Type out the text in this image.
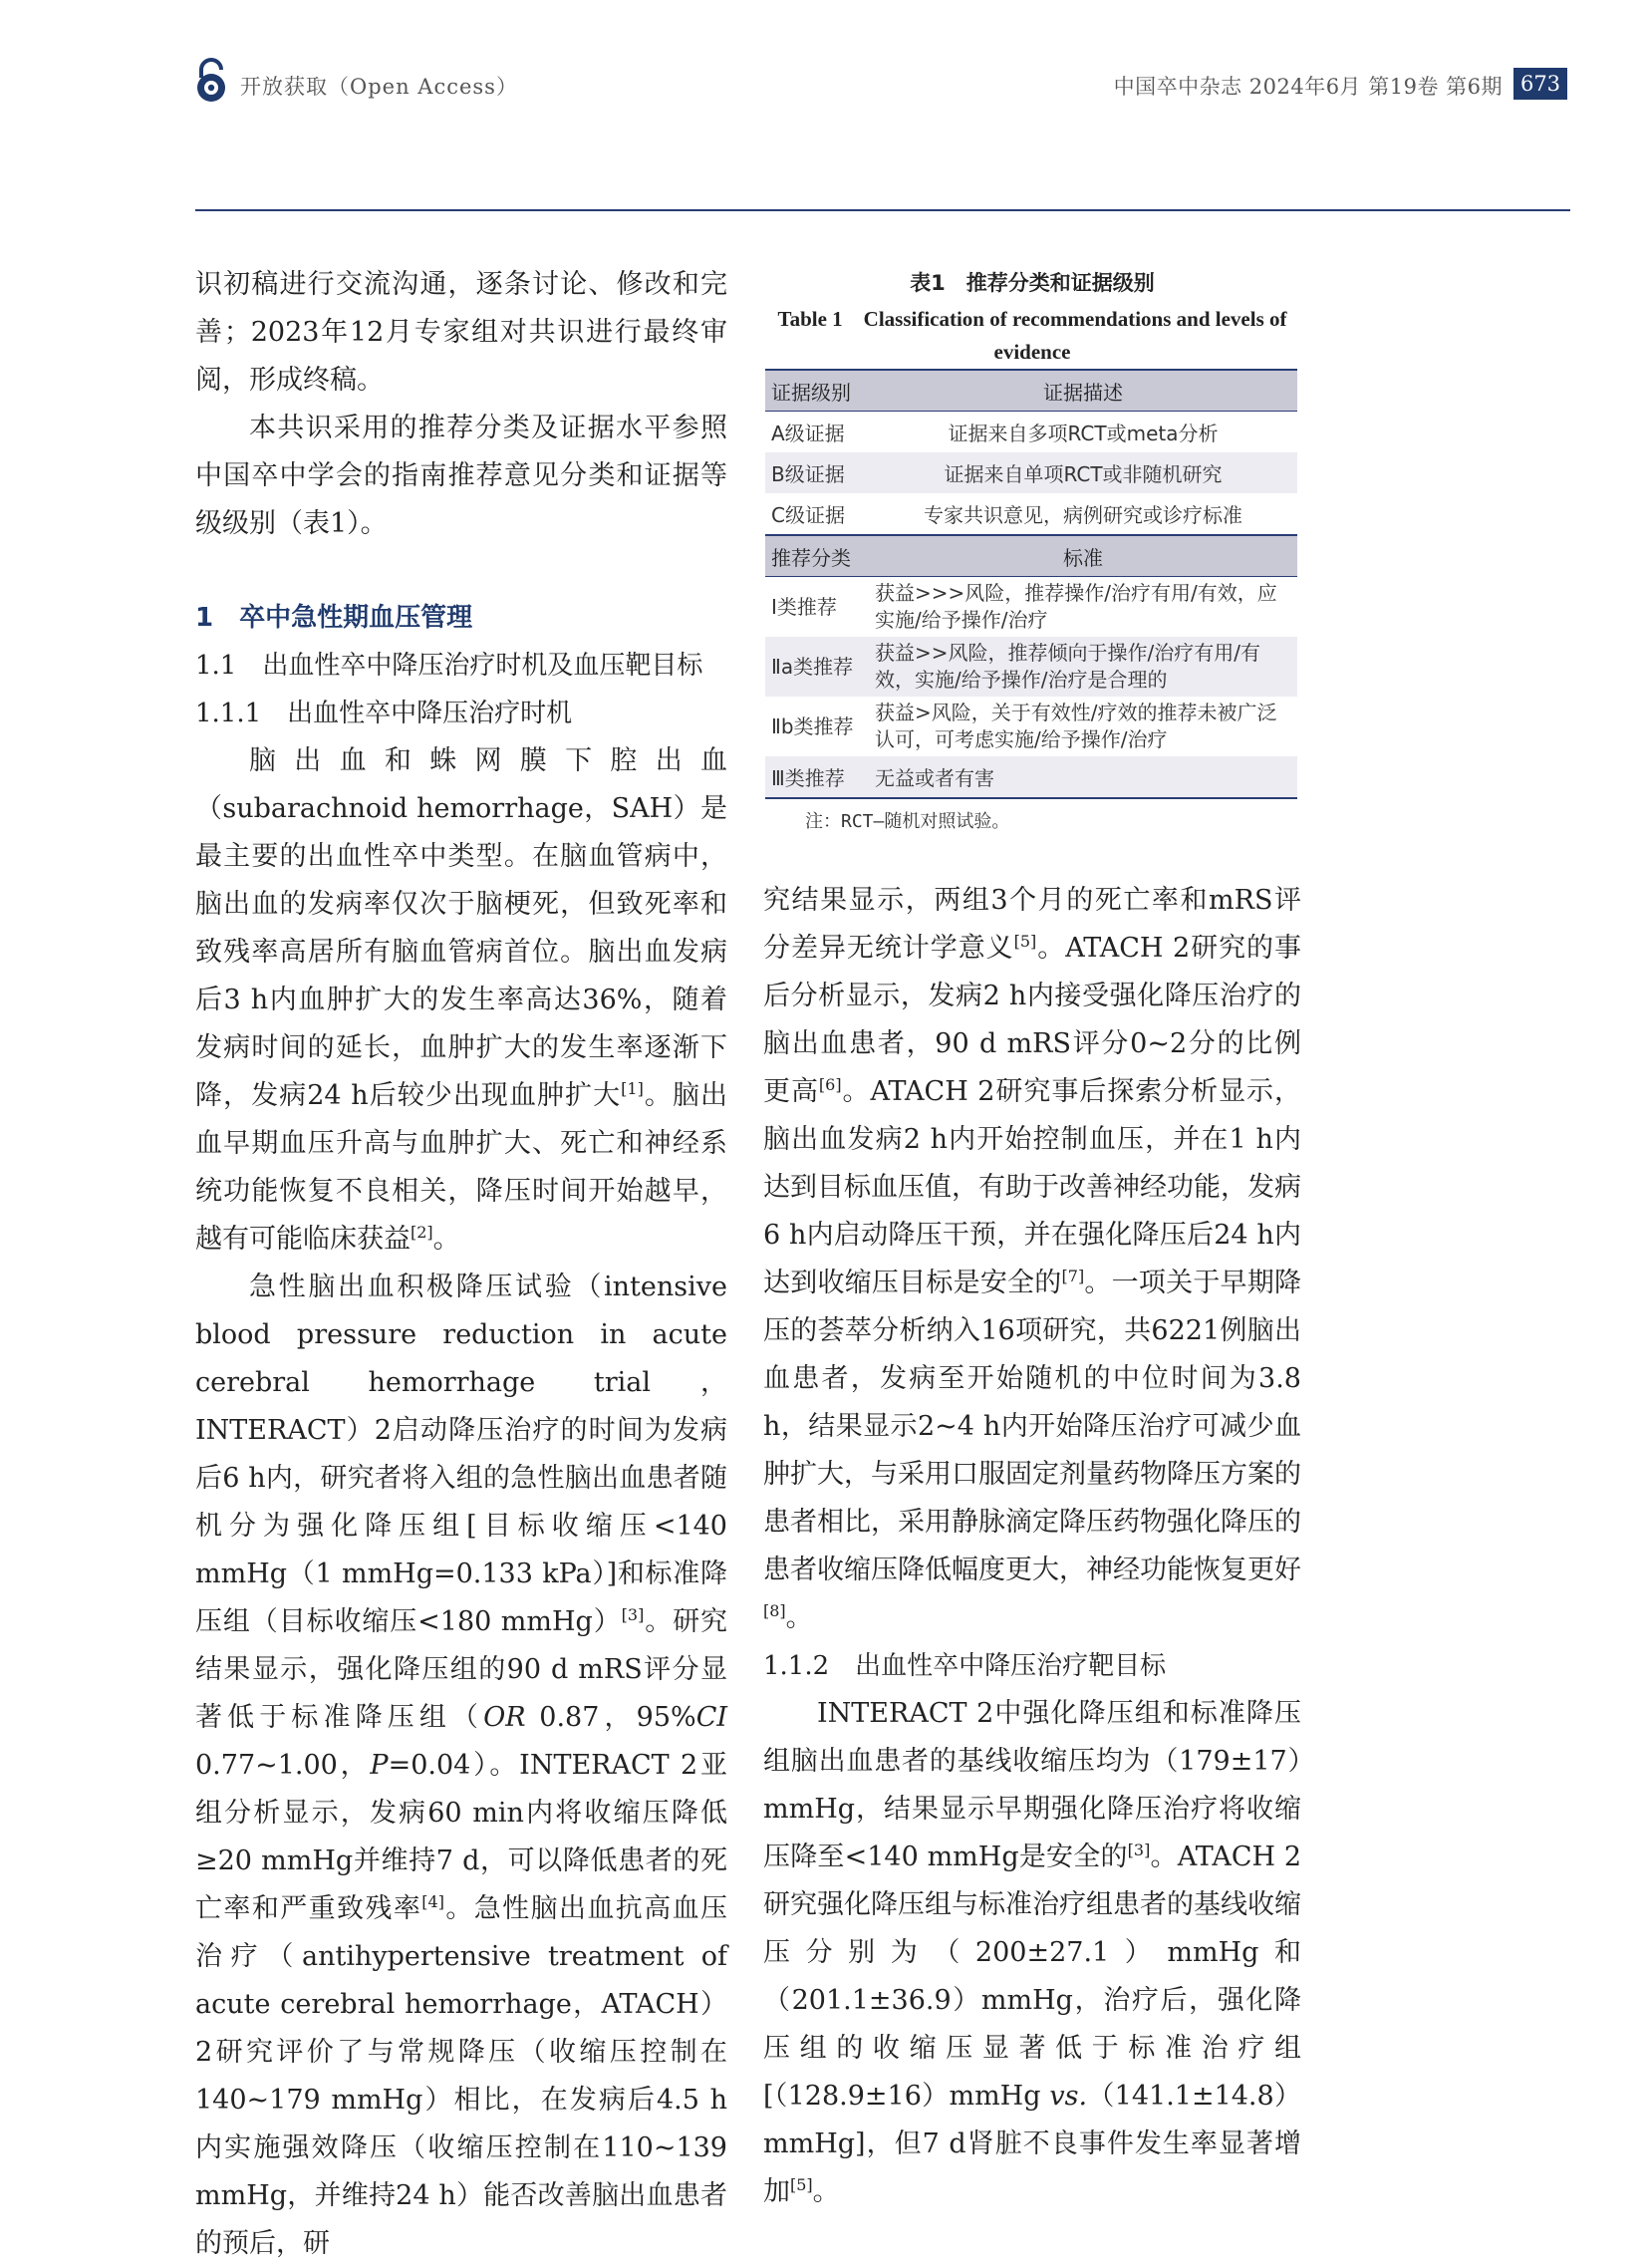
开放获取（Open Access）	中国卒中杂志 2024年6月 第19卷 第6期 673

识初稿进行交流沟通，逐条讨论、修改和完善；2023年12月专家组对共识进行最终审阅，形成终稿。

本共识采用的推荐分类及证据水平参照中国卒中学会的指南推荐意见分类和证据等级级别（表1）。

1　卒中急性期血压管理

1.1　出血性卒中降压治疗时机及血压靶目标

1.1.1　出血性卒中降压治疗时机

脑出血和蛛网膜下腔出血（subarachnoid hemorrhage，SAH）是最主要的出血性卒中类型。在脑血管病中，脑出血的发病率仅次于脑梗死，但致死率和致残率高居所有脑血管病首位。脑出血发病后3 h内血肿扩大的发生率高达36%，随着发病时间的延长，血肿扩大的发生率逐渐下降，发病24 h后较少出现血肿扩大[1]。脑出血早期血压升高与血肿扩大、死亡和神经系统功能恢复不良相关，降压时间开始越早，越有可能临床获益[2]。

急性脑出血积极降压试验（intensive blood pressure reduction in acute cerebral hemorrhage trial，INTERACT）2启动降压治疗的时间为发病后6 h内，研究者将入组的急性脑出血患者随机分为强化降压组[目标收缩压<140 mmHg（1 mmHg=0.133 kPa）]和标准降压组（目标收缩压<180 mmHg）[3]。研究结果显示，强化降压组的90 d mRS评分显著低于标准降压组（OR 0.87，95%CI 0.77~1.00，P=0.04）。INTERACT 2亚组分析显示，发病60 min内将收缩压降低≥20 mmHg并维持7 d，可以降低患者的死亡率和严重致残率[4]。急性脑出血抗高血压治疗（antihypertensive treatment of acute cerebral hemorrhage，ATACH）2研究评价了与常规降压（收缩压控制在140~179 mmHg）相比，在发病后4.5 h内实施强效降压（收缩压控制在110~139 mmHg，并维持24 h）能否改善脑出血患者的预后，研

表1　推荐分类和证据级别
Table 1　Classification of recommendations and levels of evidence
证据级别	证据描述
A级证据	证据来自多项RCT或meta分析
B级证据	证据来自单项RCT或非随机研究
C级证据	专家共识意见，病例研究或诊疗标准
推荐分类	标准
Ⅰ类推荐	获益>>>风险，推荐操作/治疗有用/有效，应实施/给予操作/治疗
Ⅱa类推荐	获益>>风险，推荐倾向于操作/治疗有用/有效，实施/给予操作/治疗是合理的
Ⅱb类推荐	获益>风险，关于有效性/疗效的推荐未被广泛认可，可考虑实施/给予操作/治疗
Ⅲ类推荐	无益或者有害
注：RCT—随机对照试验。

究结果显示，两组3个月的死亡率和mRS评分差异无统计学意义[5]。ATACH 2研究的事后分析显示，发病2 h内接受强化降压治疗的脑出血患者，90 d mRS评分0~2分的比例更高[6]。ATACH 2研究事后探索分析显示，脑出血发病2 h内开始控制血压，并在1 h内达到目标血压值，有助于改善神经功能，发病6 h内启动降压干预，并在强化降压后24 h内达到收缩压目标是安全的[7]。一项关于早期降压的荟萃分析纳入16项研究，共6221例脑出血患者，发病至开始随机的中位时间为3.8 h，结果显示2~4 h内开始降压治疗可减少血肿扩大，与采用口服固定剂量药物降压方案的患者相比，采用静脉滴定降压药物强化降压的患者收缩压降低幅度更大，神经功能恢复更好[8]。

1.1.2　出血性卒中降压治疗靶目标

INTERACT 2中强化降压组和标准降压组脑出血患者的基线收缩压均为（179±17）mmHg，结果显示早期强化降压治疗将收缩压降至<140 mmHg是安全的[3]。ATACH 2研究强化降压组与标准治疗组患者的基线收缩压分别为（200±27.1）mmHg和（201.1±36.9）mmHg，治疗后，强化降压组的收缩压显著低于标准治疗组[（128.9±16）mmHg vs.（141.1±14.8）mmHg]，但7 d肾脏不良事件发生率显著增加[5]。
